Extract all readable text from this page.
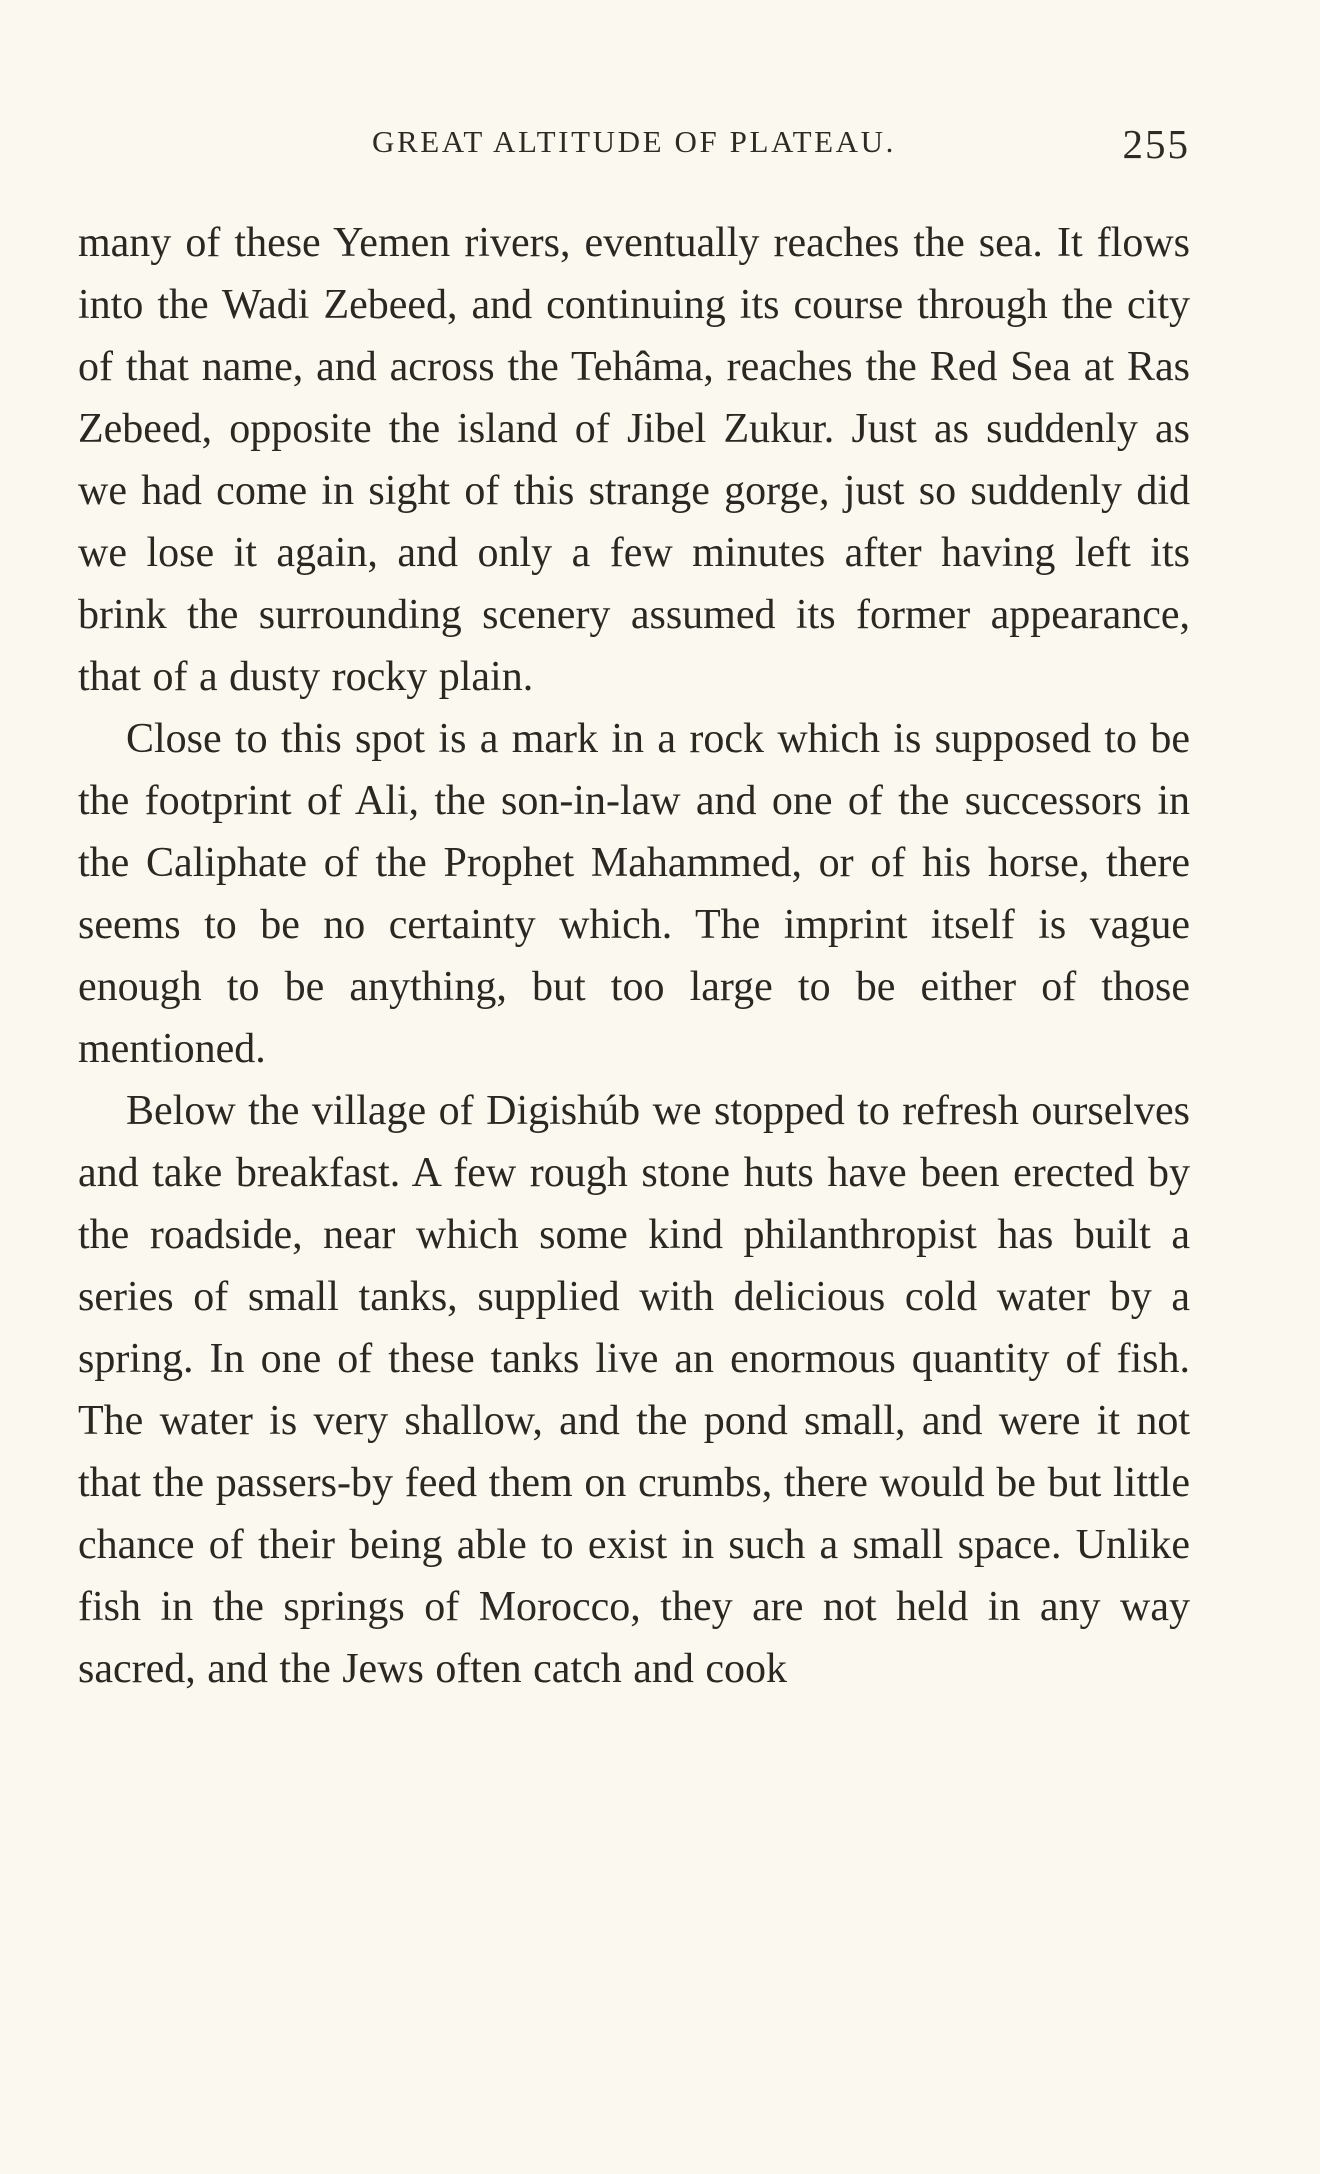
GREAT ALTITUDE OF PLATEAU.	255

many of these Yemen rivers, eventually reaches the sea. It flows into the Wadi Zebeed, and continuing its course through the city of that name, and across the Tehâma, reaches the Red Sea at Ras Zebeed, opposite the island of Jibel Zukur. Just as suddenly as we had come in sight of this strange gorge, just so suddenly did we lose it again, and only a few minutes after having left its brink the surrounding scenery assumed its former appearance, that of a dusty rocky plain.

Close to this spot is a mark in a rock which is supposed to be the footprint of Ali, the son-in-law and one of the successors in the Caliphate of the Prophet Mahammed, or of his horse, there seems to be no certainty which. The imprint itself is vague enough to be anything, but too large to be either of those mentioned.

Below the village of Digishúb we stopped to refresh ourselves and take breakfast. A few rough stone huts have been erected by the roadside, near which some kind philanthropist has built a series of small tanks, supplied with delicious cold water by a spring. In one of these tanks live an enormous quantity of fish. The water is very shallow, and the pond small, and were it not that the passers-by feed them on crumbs, there would be but little chance of their being able to exist in such a small space. Unlike fish in the springs of Morocco, they are not held in any way sacred, and the Jews often catch and cook
